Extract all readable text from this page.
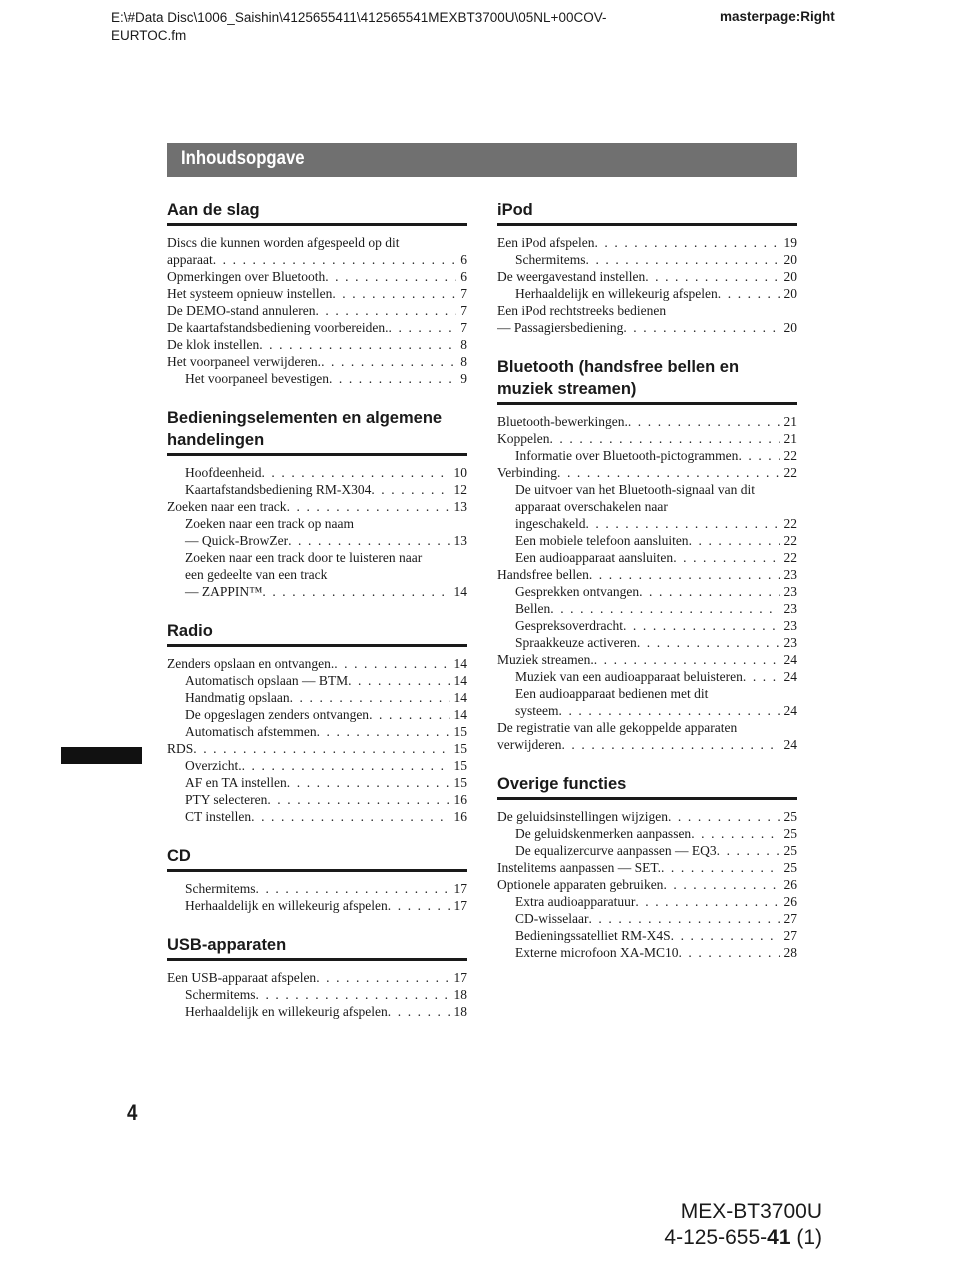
E:\#Data Disc\1006_Saishin\4125655411\412565541MEXBT3700U\05NL+00COV-EURTOC.fm
masterpage:Right
Inhoudsopgave
Aan de slag
Discs die kunnen worden afgespeeld op dit
apparaat . . .	6
Opmerkingen over Bluetooth . . .	6
Het systeem opnieuw instellen . . .	7
De DEMO-stand annuleren . . .	7
De kaartafstandsbediening voorbereiden. . . .	7
De klok instellen . . .	8
Het voorpaneel verwijderen. . . .	8
Het voorpaneel bevestigen . . .	9
Bedieningselementen en algemene handelingen
Hoofdeenheid . . .	10
Kaartafstandsbediening RM-X304 . . .	12
Zoeken naar een track . . .	13
Zoeken naar een track op naam
— Quick-BrowZer . . .	13
Zoeken naar een track door te luisteren naar
een gedeelte van een track
— ZAPPIN™ . . .	14
Radio
Zenders opslaan en ontvangen. . . .	14
Automatisch opslaan — BTM . . .	14
Handmatig opslaan . . .	14
De opgeslagen zenders ontvangen . . .	14
Automatisch afstemmen . . .	15
RDS . . .	15
Overzicht. . . .	15
AF en TA instellen . . .	15
PTY selecteren . . .	16
CT instellen . . .	16
CD
Schermitems . . .	17
Herhaaldelijk en willekeurig afspelen . . .	17
USB-apparaten
Een USB-apparaat afspelen . . .	17
Schermitems . . .	18
Herhaaldelijk en willekeurig afspelen . . .	18
iPod
Een iPod afspelen . . .	19
Schermitems . . .	20
De weergavestand instellen . . .	20
Herhaaldelijk en willekeurig afspelen . . .	20
Een iPod rechtstreeks bedienen
— Passagiersbediening . . .	20
Bluetooth (handsfree bellen en muziek streamen)
Bluetooth-bewerkingen. . . .	21
Koppelen . . .	21
Informatie over Bluetooth-pictogrammen . . .	22
Verbinding . . .	22
De uitvoer van het Bluetooth-signaal van dit
apparaat overschakelen naar
ingeschakeld . . .	22
Een mobiele telefoon aansluiten . . .	22
Een audioapparaat aansluiten . . .	22
Handsfree bellen . . .	23
Gesprekken ontvangen . . .	23
Bellen . . .	23
Gespreksoverdracht . . .	23
Spraakkeuze activeren . . .	23
Muziek streamen. . . .	24
Muziek van een audioapparaat beluisteren . . .	24
Een audioapparaat bedienen met dit
systeem . . .	24
De registratie van alle gekoppelde apparaten
verwijderen . . .	24
Overige functies
De geluidsinstellingen wijzigen . . .	25
De geluidskenmerken aanpassen . . .	25
De equalizercurve aanpassen — EQ3 . . .	25
Instelitems aanpassen — SET. . . .	25
Optionele apparaten gebruiken . . .	26
Extra audioapparatuur . . .	26
CD-wisselaar . . .	27
Bedieningssatelliet RM-X4S . . .	27
Externe microfoon XA-MC10 . . .	28
4
MEX-BT3700U
4-125-655-41 (1)
